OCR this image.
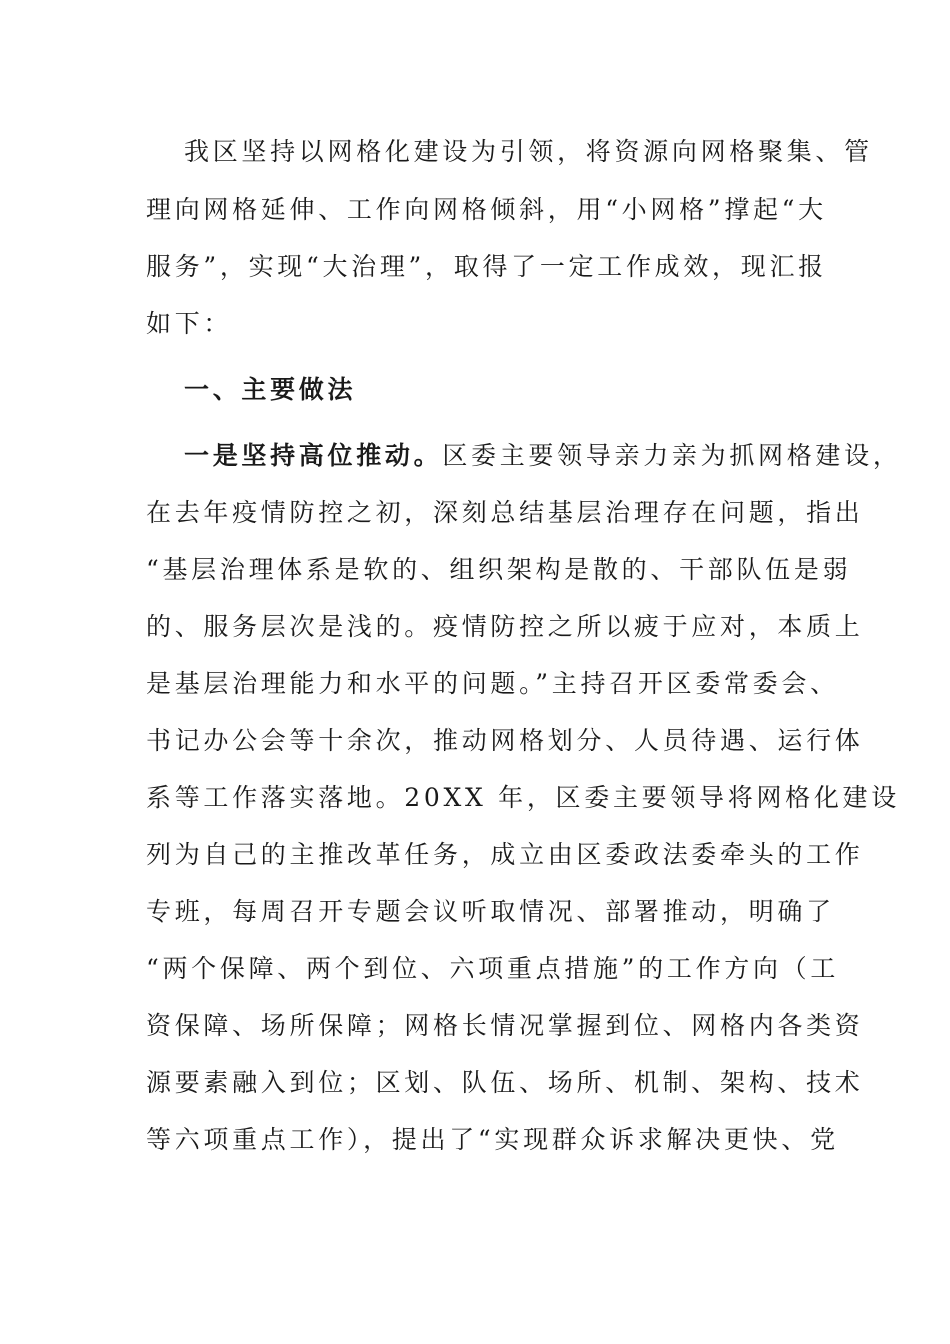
我区坚持以网格化建设为引领，将资源向网格聚集、管
理向网格延伸、工作向网格倾斜，用“小网格”撑起“大
服务”，实现“大治理”，取得了一定工作成效，现汇报
如下：
一、主要做法
一是坚持高位推动。区委主要领导亲力亲为抓网格建设，
在去年疫情防控之初，深刻总结基层治理存在问题，指出
“基层治理体系是软的、组织架构是散的、干部队伍是弱
的、服务层次是浅的。疫情防控之所以疲于应对，本质上
是基层治理能力和水平的问题。”主持召开区委常委会、
书记办公会等十余次，推动网格划分、人员待遇、运行体
系等工作落实落地。20XX 年，区委主要领导将网格化建设
列为自己的主推改革任务，成立由区委政法委牵头的工作
专班，每周召开专题会议听取情况、部署推动，明确了
“两个保障、两个到位、六项重点措施”的工作方向（工
资保障、场所保障；网格长情况掌握到位、网格内各类资
源要素融入到位；区划、队伍、场所、机制、架构、技术
等六项重点工作），提出了“实现群众诉求解决更快、党
